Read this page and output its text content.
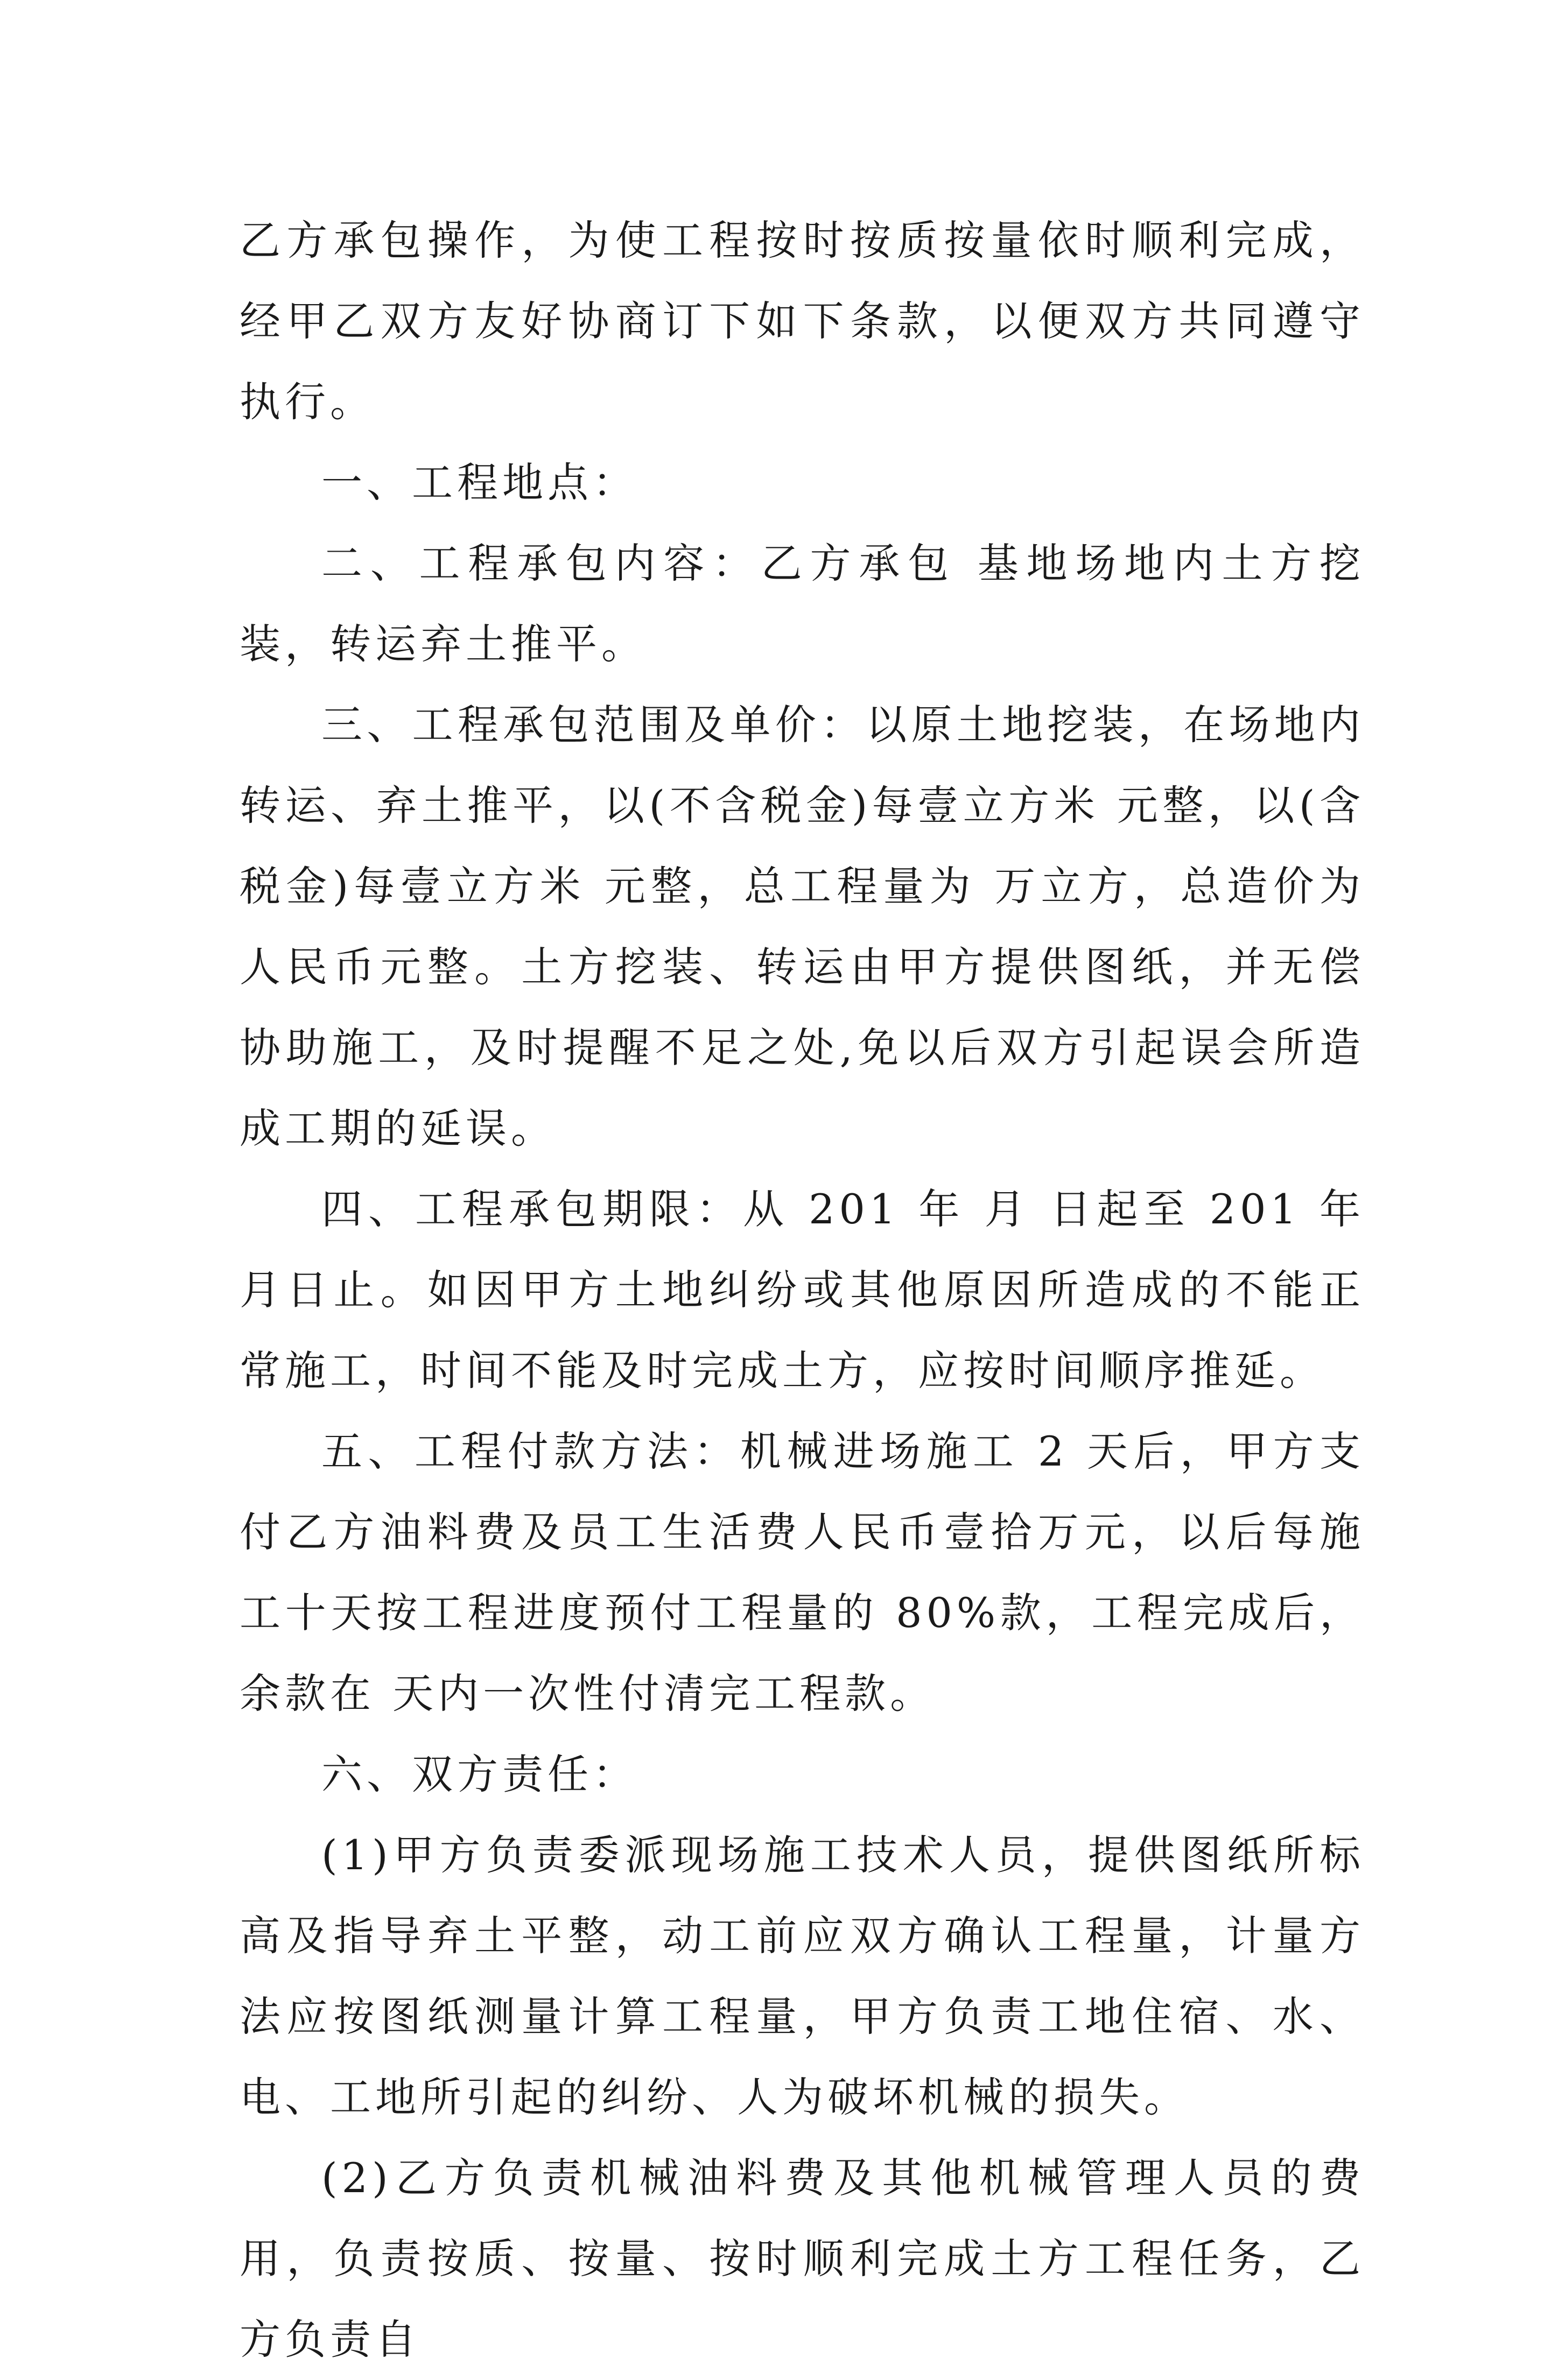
乙方承包操作，为使工程按时按质按量依时顺利完成，经甲乙双方友好协商订下如下条款，以便双方共同遵守执行。

一、工程地点：

二、工程承包内容：乙方承包 基地场地内土方挖装，转运弃土推平。

三、工程承包范围及单价：以原土地挖装，在场地内转运、弃土推平，以(不含税金)每壹立方米 元整，以(含税金)每壹立方米 元整，总工程量为 万立方，总造价为人民币元整。土方挖装、转运由甲方提供图纸，并无偿协助施工，及时提醒不足之处,免以后双方引起误会所造成工期的延误。

四、工程承包期限：从 201 年 月 日起至 201 年 月日止。如因甲方土地纠纷或其他原因所造成的不能正常施工，时间不能及时完成土方，应按时间顺序推延。

五、工程付款方法：机械进场施工 2 天后，甲方支付乙方油料费及员工生活费人民币壹拾万元，以后每施工十天按工程进度预付工程量的 80%款，工程完成后，余款在 天内一次性付清完工程款。

六、双方责任：

(1)甲方负责委派现场施工技术人员，提供图纸所标高及指导弃土平整，动工前应双方确认工程量，计量方法应按图纸测量计算工程量，甲方负责工地住宿、水、电、工地所引起的纠纷、人为破坏机械的损失。

(2)乙方负责机械油料费及其他机械管理人员的费用，负责按质、按量、按时顺利完成土方工程任务，乙方负责自
